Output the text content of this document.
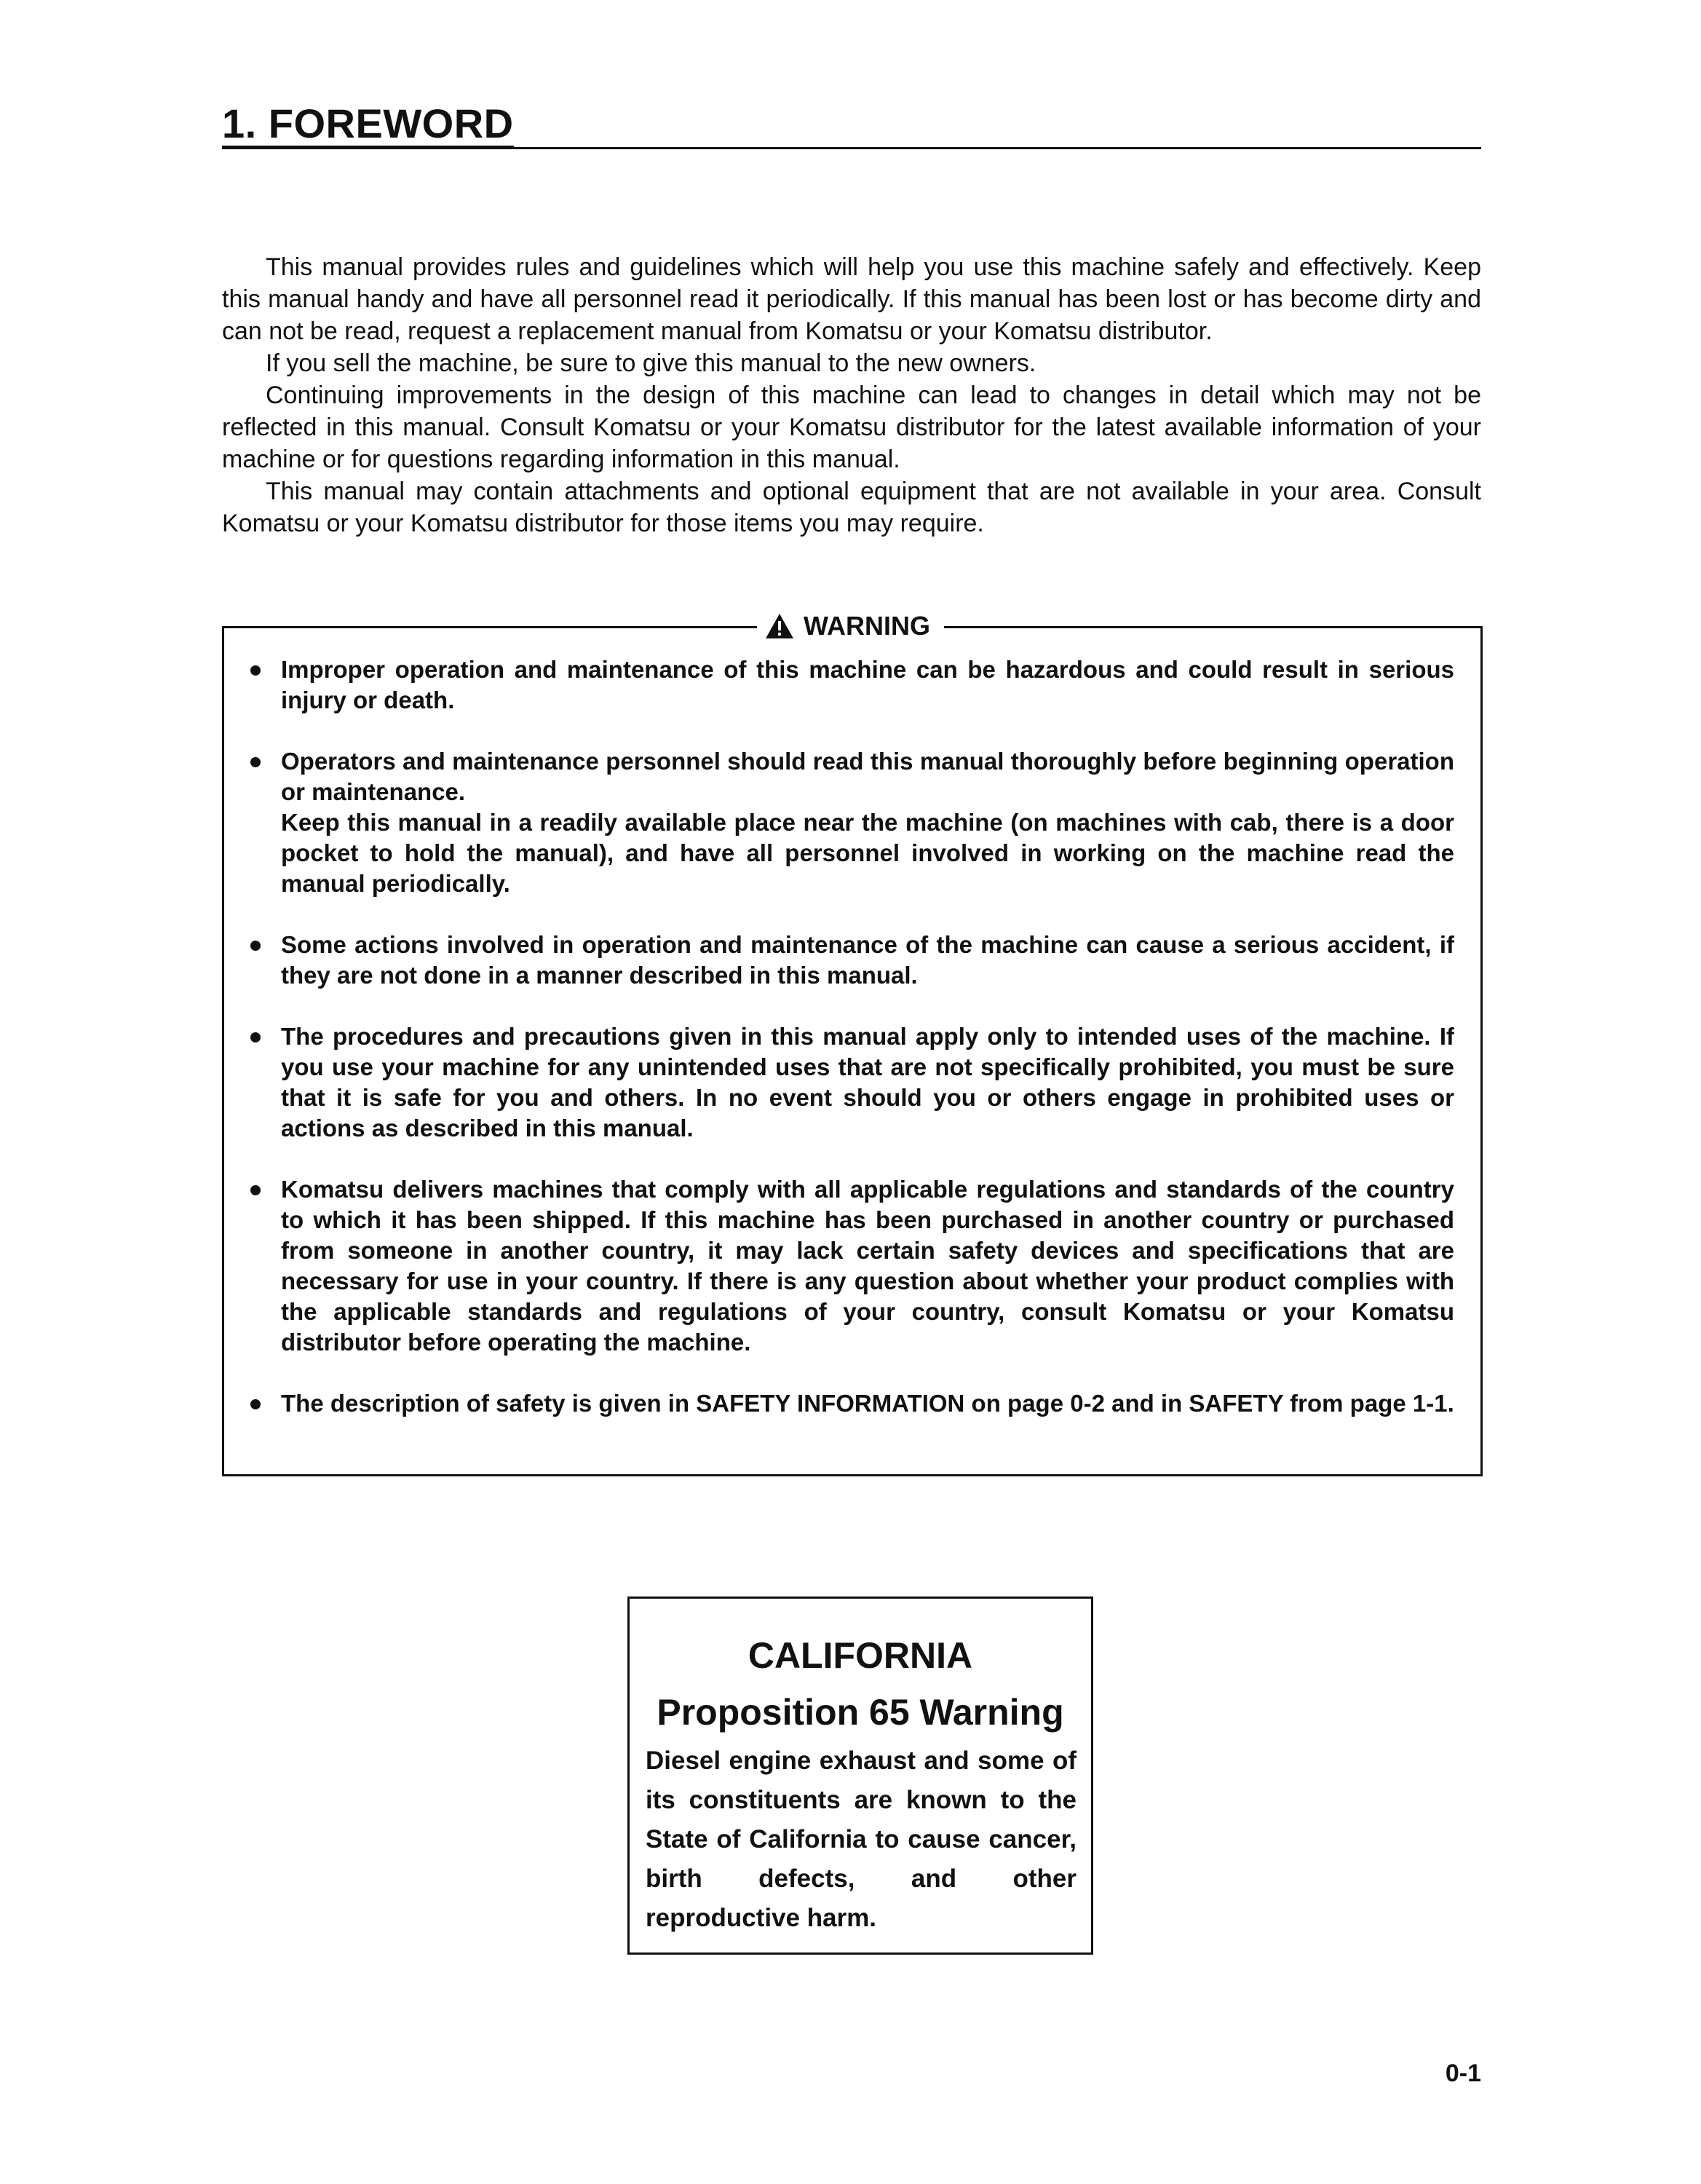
1. FOREWORD

This manual provides rules and guidelines which will help you use this machine safely and effectively. Keep this manual handy and have all personnel read it periodically. If this manual has been lost or has become dirty and can not be read, request a replacement manual from Komatsu or your Komatsu distributor.

If you sell the machine, be sure to give this manual to the new owners.

Continuing improvements in the design of this machine can lead to changes in detail which may not be reflected in this manual. Consult Komatsu or your Komatsu distributor for the latest available information of your machine or for questions regarding information in this manual.

This manual may contain attachments and optional equipment that are not available in your area. Consult Komatsu or your Komatsu distributor for those items you may require.

WARNING

Improper operation and maintenance of this machine can be hazardous and could result in serious injury or death.

Operators and maintenance personnel should read this manual thoroughly before beginning operation or maintenance.

Keep this manual in a readily available place near the machine (on machines with cab, there is a door pocket to hold the manual), and have all personnel involved in working on the machine read the manual periodically.

Some actions involved in operation and maintenance of the machine can cause a serious accident, if they are not done in a manner described in this manual.

The procedures and precautions given in this manual apply only to intended uses of the machine. If you use your machine for any unintended uses that are not specifically prohibited, you must be sure that it is safe for you and others. In no event should you or others engage in prohibited uses or actions as described in this manual.

Komatsu delivers machines that comply with all applicable regulations and standards of the country to which it has been shipped. If this machine has been purchased in another country or purchased from someone in another country, it may lack certain safety devices and specifications that are necessary for use in your country. If there is any question about whether your product complies with the applicable standards and regulations of your country, consult Komatsu or your Komatsu distributor before operating the machine.

The description of safety is given in SAFETY INFORMATION on page 0-2 and in SAFETY from page 1-1.

CALIFORNIA
Proposition 65 Warning
Diesel engine exhaust and some of its constituents are known to the State of California to cause cancer, birth defects, and other reproductive harm.
0-1
